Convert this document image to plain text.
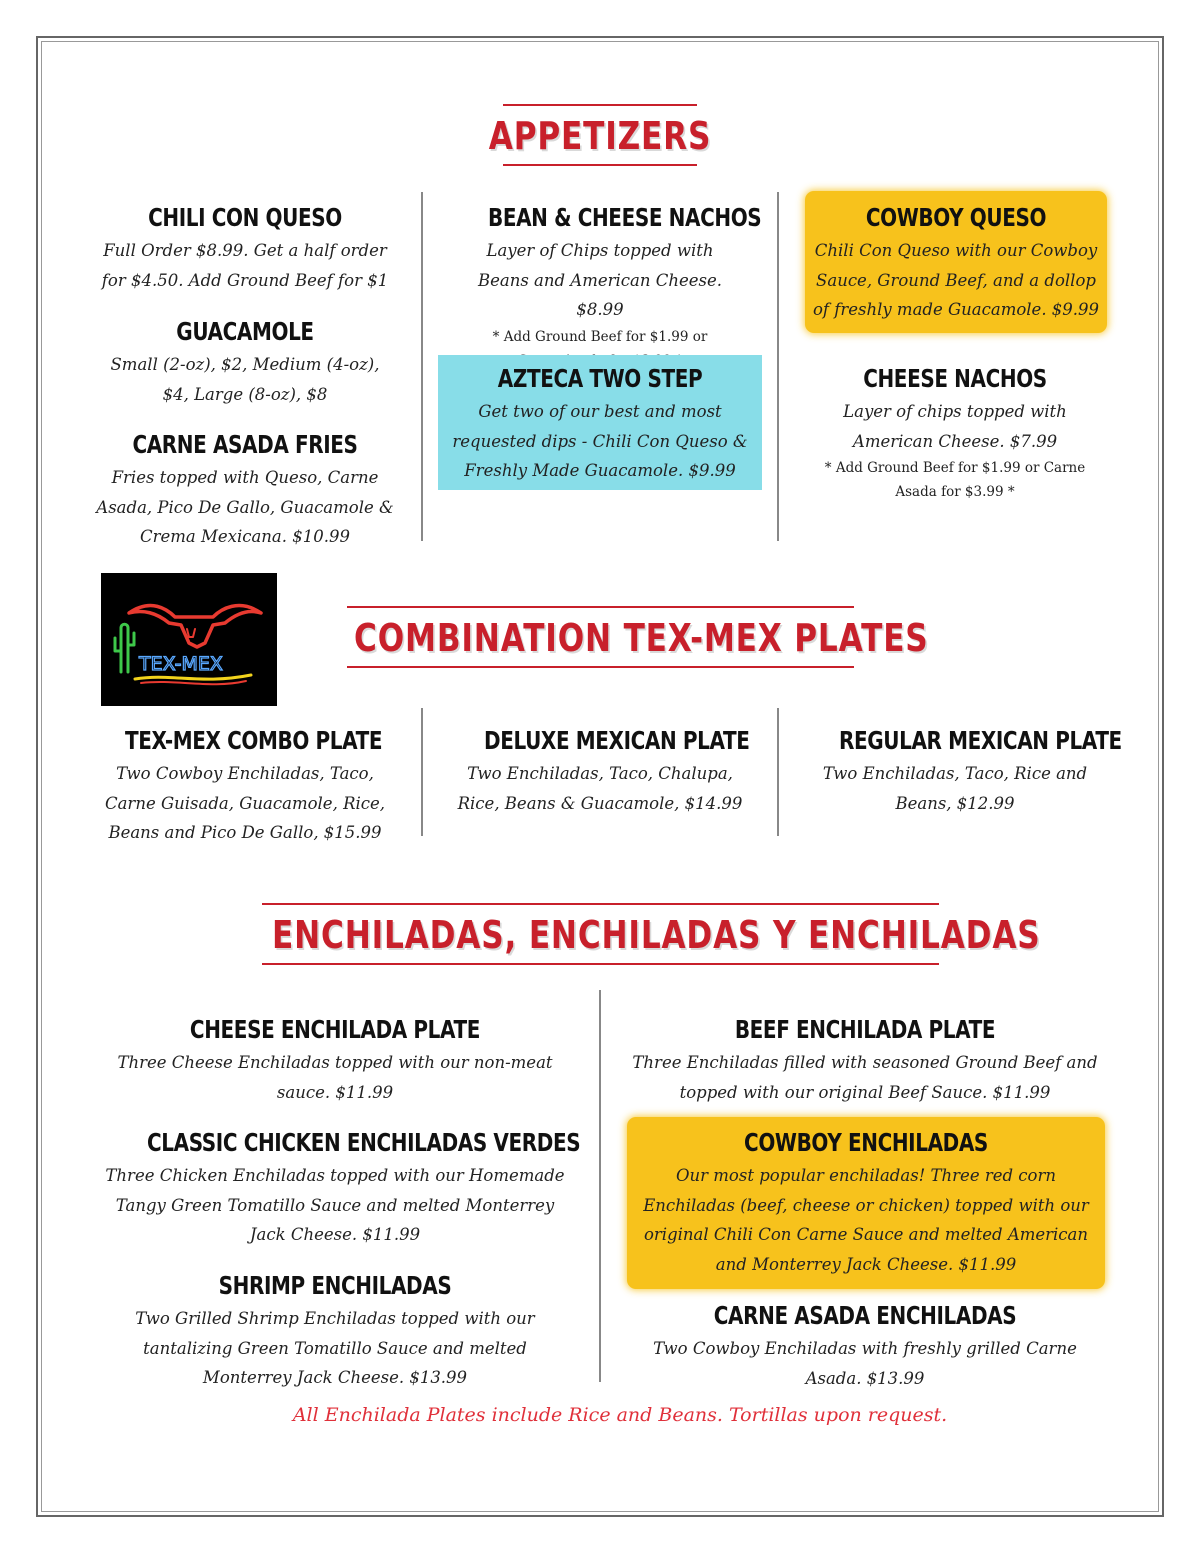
APPETIZERS
CHILI CON QUESO
Full Order $8.99. Get a half order for $4.50. Add Ground Beef for $1
GUACAMOLE
Small (2-oz), $2, Medium (4-oz), $4, Large (8-oz), $8
CARNE ASADA FRIES
Fries topped with Queso, Carne Asada, Pico De Gallo, Guacamole & Crema Mexicana. $10.99
BEAN & CHEESE NACHOS
Layer of Chips topped with Beans and American Cheese. $8.99
* Add Ground Beef for $1.99 or
AZTECA TWO STEP
Get two of our best and most requested dips - Chili Con Queso & Freshly Made Guacamole. $9.99
COWBOY QUESO
Chili Con Queso with our Cowboy Sauce, Ground Beef, and a dollop of freshly made Guacamole. $9.99
CHEESE NACHOS
Layer of chips topped with American Cheese. $7.99
* Add Ground Beef for $1.99 or Carne Asada for $3.99 *
TEX-MEX
COMBINATION TEX-MEX PLATES
TEX-MEX COMBO PLATE
Two Cowboy Enchiladas, Taco, Carne Guisada, Guacamole, Rice, Beans and Pico De Gallo, $15.99
DELUXE MEXICAN PLATE
Two Enchiladas, Taco, Chalupa, Rice, Beans & Guacamole, $14.99
REGULAR MEXICAN PLATE
Two Enchiladas, Taco, Rice and Beans, $12.99
ENCHILADAS, ENCHILADAS Y ENCHILADAS
CHEESE ENCHILADA PLATE
Three Cheese Enchiladas topped with our non-meat sauce. $11.99
CLASSIC CHICKEN ENCHILADAS VERDES
Three Chicken Enchiladas topped with our Homemade Tangy Green Tomatillo Sauce and melted Monterrey Jack Cheese. $11.99
SHRIMP ENCHILADAS
Two Grilled Shrimp Enchiladas topped with our tantalizing Green Tomatillo Sauce and melted Monterrey Jack Cheese. $13.99
BEEF ENCHILADA PLATE
Three Enchiladas filled with seasoned Ground Beef and topped with our original Beef Sauce. $11.99
COWBOY ENCHILADAS
Our most popular enchiladas! Three red corn Enchiladas (beef, cheese or chicken) topped with our original Chili Con Carne Sauce and melted American and Monterrey Jack Cheese. $11.99
CARNE ASADA ENCHILADAS
Two Cowboy Enchiladas with freshly grilled Carne Asada. $13.99
All Enchilada Plates include Rice and Beans. Tortillas upon request.
